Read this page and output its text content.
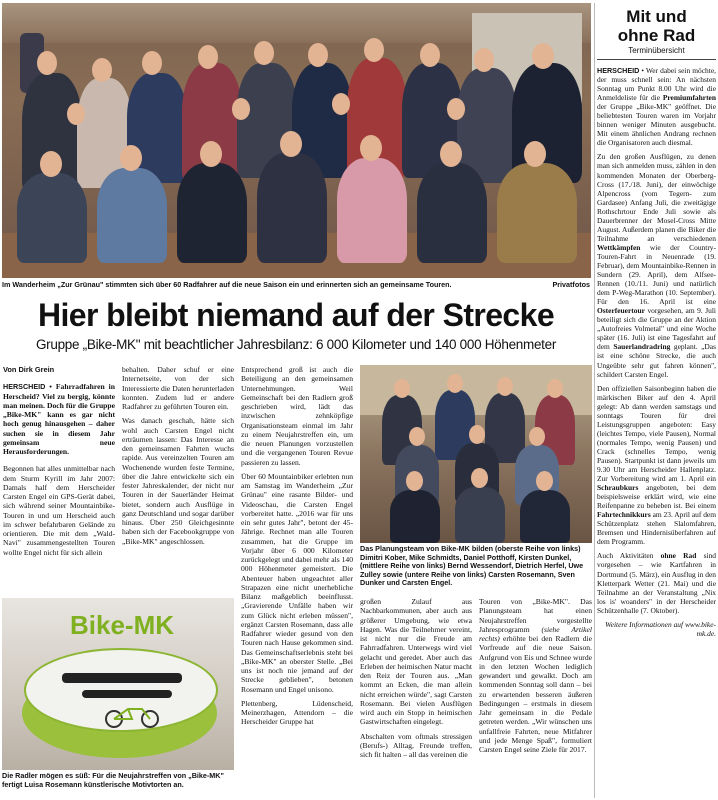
Im Wanderheim „Zur Grünau" stimmten sich über 60 Radfahrer auf die neue Saison ein und erinnerten sich an gemeinsame Touren.	Privatfotos
Mit und
ohne Rad
Terminübersicht

HERSCHEID • Wer dabei sein möchte, der muss schnell sein: An nächsten Sonntag um Punkt 8.00 Uhr wird die Anmeldeliste für die Premiumfahrten der Gruppe „Bike-MK" geöffnet. Die beliebtesten Touren waren im Vorjahr binnen weniger Minuten ausgebucht. Mit einem ähnlichen Andrang rechnen die Organisatoren auch diesmal.

Zu den großen Ausflügen, zu denen man sich anmelden muss, zählen in den kommenden Monaten der Oberberg-Cross (17./18. Juni), der einwöchige Alpencross (vom Tegern- zum Gardasee) Anfang Juli, die zweitägige Rothschrtour Ende Juli sowie als Dauerbrenner der Mosel-Cross Mitte August. Außerdem planen die Biker die Teilnahme an verschiedenen Wettkämpfen wie der Country-Touren-Fahrt in Neuenrade (19. Februar), dem Mountainbike-Rennen in Sundern (29. April), dem Alfsee-Rennen (10./11. Juni) und natürlich dem P-Weg-Marathon (10. September). Für den 16. April ist eine Osterfeuertour vorgesehen, am 9. Juli beteiligt sich die Gruppe an der Aktion „Autofreies Volmetal" und eine Woche später (16. Juli) ist eine Tagesfahrt auf dem Sauerlandradring geplant. „Das ist eine schöne Strecke, die auch Ungeübte sehr gut fahren können", schildert Carsten Engel.

Den offiziellen Saisonbeginn haben die märkischen Biker auf den 4. April gelegt: Ab dann werden samstags und sonntags Touren für drei Leistungsgruppen angeboten: Easy (leichtes Tempo, viele Pausen), Normal (normales Tempo, wenig Pausen) und Crack (schnelles Tempo, wenig Pausen). Startpunkt ist dann jeweils um 9.30 Uhr am Herscheider Hallenplatz. Zur Vorbereitung wird am 1. April ein Schraubkurs angeboten, bei dem beispielsweise erklärt wird, wie eine Reifenpanne zu beheben ist. Bei einem Fahrtechnikkurs am 23. April auf dem Schützenplatz stehen Slalomfahren, Bremsen und Hindernisüberfahren auf dem Programm.

Auch Aktivitäten ohne Rad sind vorgesehen – wie Kartfahren in Dortmund (5. März), ein Ausflug in den Kletterpark Wetter (21. Mai) und die Teilnahme an der Veranstaltung „Nix los is' woanders" in der Herscheider Schützenhalle (7. Oktober).

Weitere Informationen auf www.bike-mk.de.

Hier bleibt niemand auf der Strecke
Gruppe „Bike-MK" mit beachtlicher Jahresbilanz: 6 000 Kilometer und 140 000 Höhenmeter
Von Dirk Grein

HERSCHEID • Fahrradfahren in Herscheid? Viel zu bergig, könnte man meinen. Doch für die Gruppe „Bike-MK" kann es gar nicht hoch genug hinausgehen – daher suchen sie in diesem Jahr gemeinsam neue Herausforderungen.

Begonnen hat alles unmittelbar nach dem Sturm Kyrill im Jahr 2007: Damals half dem Herscheider Carsten Engel ein GPS-Gerät dabei, sich während seiner Mountainbike-Touren in und um Herscheid auch im schwer befahrbaren Gelände zu orientieren. Die mit dem „Wald-Navi" zusammengestellten Touren wollte Engel nicht für sich allein

behalten. Daher schuf er eine Internetseite, von der sich Interessierte die Daten herunterladen konnten. Zudem lud er andere Radfahrer zu geführten Touren ein.

Was danach geschah, hätte sich wohl auch Carsten Engel nicht erträumen lassen: Das Interesse an den gemeinsamen Fahrten wuchs rapide. Aus vereinzelten Touren am Wochenende wurden feste Termine, über die Jahre entwickelte sich ein fester Jahreskalender, der nicht nur Touren in der Sauerländer Heimat bietet, sondern auch Ausflüge in ganz Deutschland und sogar darüber hinaus. Über 250 Gleichgesinnte haben sich der Facebookgruppe von „Bike-MK" angeschlossen.

Bike-MK
Die Radler mögen es süß: Für die Neujahrstreffen von „Bike-MK" fertigt Luisa Rosemann künstlerische Motivtorten an.

Entsprechend groß ist auch die Beteiligung an den gemeinsamen Unternehmungen. Weil Gemeinschaft bei den Radlern groß geschrieben wird, lädt das inzwischen zehnköpfige Organisationsteam einmal im Jahr zu einem Neujahrstreffen ein, um die neuen Planungen vorzustellen und die vergangenen Touren Revue passieren zu lassen.

Über 60 Mountainbiker erlebten nun am Samstag im Wanderheim „Zur Grünau" eine rasante Bilder- und Videoschau, die Carsten Engel vorbereitet hatte. „2016 war für uns ein sehr gutes Jahr", betont der 45-Jährige. Rechnet man alle Touren zusammen, hat die Gruppe im Vorjahr über 6 000 Kilometer zurückgelegt und dabei mehr als 140 000 Höhenmeter gemeistert. Die Abenteuer haben ungeachtet aller Strapazen eine nicht unerhebliche Bilanz maßgeblich beeinflusst. „Gravierende Unfälle haben wir zum Glück nicht erleben müssen", ergänzt Carsten Rosemann, dass alle Radfahrer wieder gesund von den Touren nach Hause gekommen sind. Das Gemeinschaftserlebnis steht bei „Bike-MK" an oberster Stelle. „Bei uns ist noch nie jemand auf der Strecke geblieben", betonen Rosemann und Engel unisono.

Plettenberg, Lüdenscheid, Meinerzhagen, Attendorn – die Herscheider Gruppe hat

Das Planungsteam von Bike-MK bilden (oberste Reihe von links) Dimitri Kober, Mike Schmidts, Daniel Potthoff, Kirsten Dunkel, (mittlere Reihe von links) Bernd Wessendorf, Dietrich Herfel, Uwe Zulley sowie (untere Reihe von links) Carsten Rosemann, Sven Dunker und Carsten Engel.

großen Zulauf aus Nachbarkommunen, aber auch aus größerer Umgebung, wie etwa Hagen. Was die Teilnehmer vereint, ist nicht nur die Freude am Fahrradfahren. Unterwegs wird viel gelacht und geredet. Aber auch das Erleben der heimischen Natur macht den Reiz der Touren aus. „Man kommt an Ecken, die man allein nicht erreichen würde", sagt Carsten Rosemann. Bei vielen Ausflügen wird auch ein Stopp in heimischen Gastwirtschaften eingelegt.

Abschalten vom oftmals stressigen (Berufs-) Alltag, Freunde treffen, sich fit halten – all das vereinen die

Touren von „Bike-MK". Das Planungsteam hat einen Neujahrstreffen vorgestellte Jahresprogramm (siehe Artikel rechts) erhöhte bei den Radlern die Vorfreude auf die neue Saison. Aufgrund von Eis und Schnee wurde in den letzten Wochen lediglich gewandert und gewalkt. Doch am kommenden Sonntag soll dann – bei zu erwartenden besseren äußeren Bedingungen – erstmals in diesem Jahr gemeinsam in die Pedale getreten werden. „Wir wünschen uns unfallfreie Fahrten, neue Mitfahrer und jede Menge Spaß", formuliert Carsten Engel seine Ziele für 2017.
